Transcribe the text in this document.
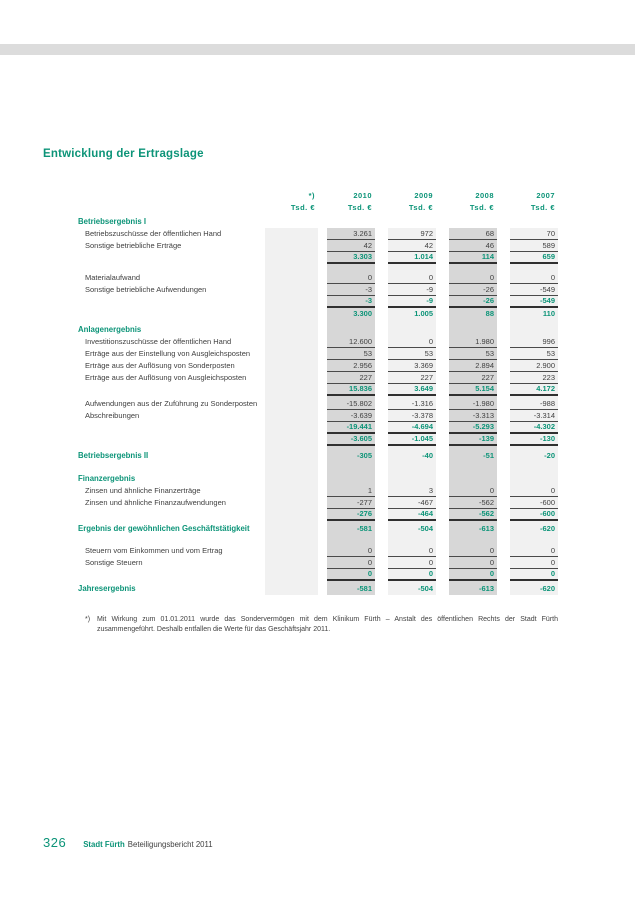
Entwicklung der Ertragslage
*)	2010	2009	2008	2007
Tsd. €	Tsd. €	Tsd. €	Tsd. €	Tsd. €
Betriebsergebnis I
Betriebszuschüsse der öffentlichen Hand	3.261	972	68	70
Sonstige betriebliche Erträge	42	42	46	589
3.303	1.014	114	659
Materialaufwand	0	0	0	0
Sonstige betriebliche Aufwendungen	-3	-9	-26	-549
-3	-9	-26	-549
3.300	1.005	88	110
Anlagenergebnis
Investitionszuschüsse der öffentlichen Hand	12.600	0	1.980	996
Erträge aus der Einstellung von Ausgleichsposten	53	53	53	53
Erträge aus der Auflösung von Sonderposten	2.956	3.369	2.894	2.900
Erträge aus der Auflösung von Ausgleichsposten	227	227	227	223
15.836	3.649	5.154	4.172
Aufwendungen aus der Zuführung zu Sonderposten	-15.802	-1.316	-1.980	-988
Abschreibungen	-3.639	-3.378	-3.313	-3.314
-19.441	-4.694	-5.293	-4.302
-3.605	-1.045	-139	-130
Betriebsergebnis II	-305	-40	-51	-20
Finanzergebnis
Zinsen und ähnliche Finanzerträge	1	3	0	0
Zinsen und ähnliche Finanzaufwendungen	-277	-467	-562	-600
-276	-464	-562	-600
Ergebnis der gewöhnlichen Geschäftstätigkeit	-581	-504	-613	-620
Steuern vom Einkommen und vom Ertrag	0	0	0	0
Sonstige Steuern	0	0	0	0
0	0	0	0
Jahresergebnis	-581	-504	-613	-620
*) Mit Wirkung zum 01.01.2011 wurde das Sondervermögen mit dem Klinikum Fürth – Anstalt des öffentlichen Rechts der Stadt Fürth zusammengeführt. Deshalb entfallen die Werte für das Geschäftsjahr 2011.
326 Stadt Fürth Beteiligungsbericht 2011
